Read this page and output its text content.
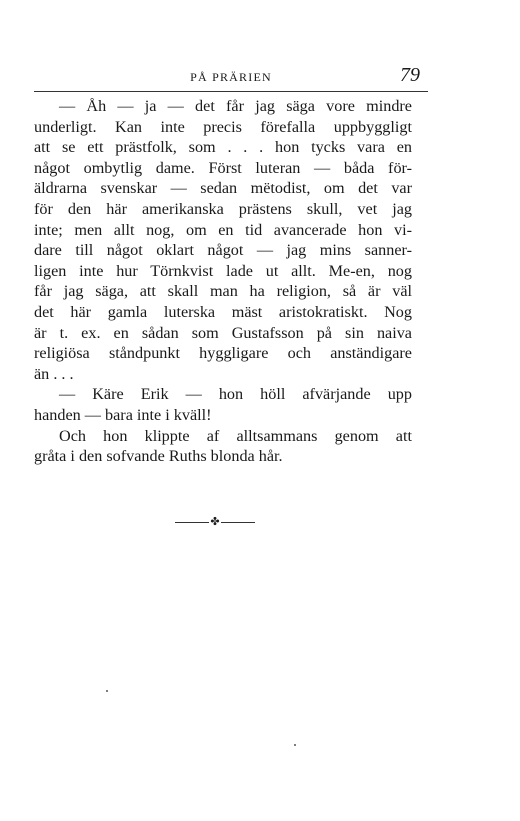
PÅ PRÄRIEN	79
— Åh — ja — det får jag säga vore mindre
underligt. Kan inte precis förefalla uppbyggligt
att se ett prästfolk, som . . . hon tycks vara en
något ombytlig dame. Först luteran — båda för-
äldrarna svenskar — sedan mëtodist, om det var
för den här amerikanska prästens skull, vet jag
inte; men allt nog, om en tid avancerade hon vi-
dare till något oklart något — jag mins sanner-
ligen inte hur Törnkvist lade ut allt. Me-en, nog
får jag säga, att skall man ha religion, så är väl
det här gamla luterska mäst aristokratiskt. Nog
är t. ex. en sådan som Gustafsson på sin naiva
religiösa ståndpunkt hyggligare och anständigare
än . . .
— Käre Erik — hon höll afvärjande upp
handen — bara inte i kväll!
Och hon klippte af alltsammans genom att
gråta i den sofvande Ruths blonda hår.
✤
